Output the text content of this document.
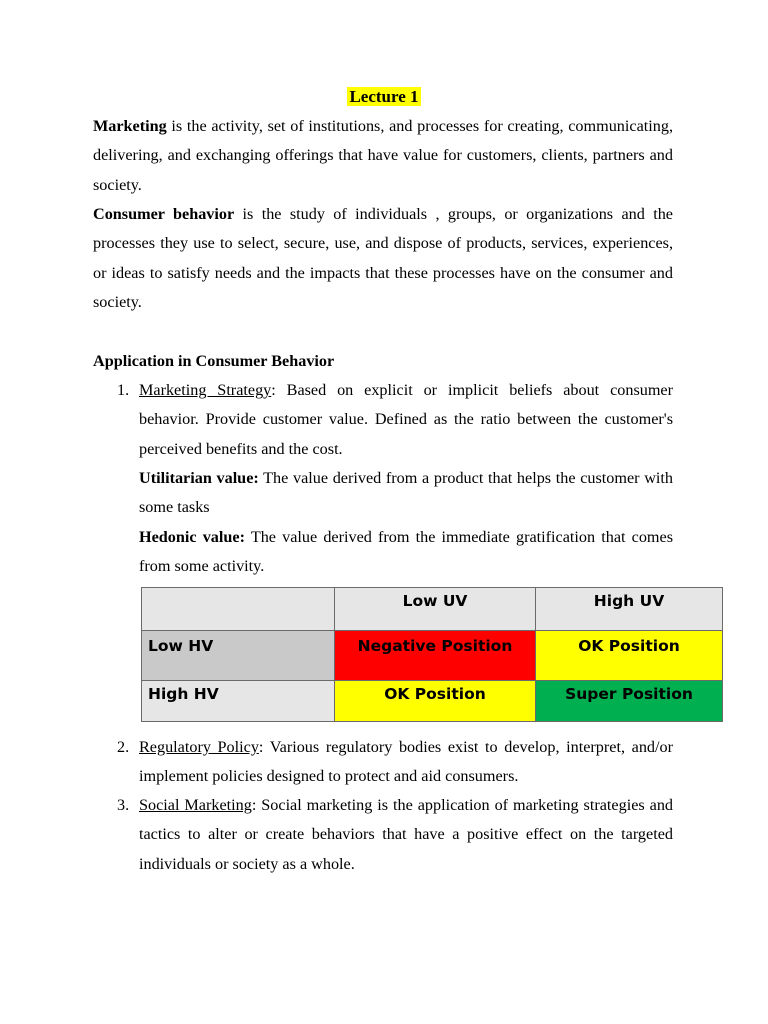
Lecture 1

Marketing is the activity, set of institutions, and processes for creating, communicating, delivering, and exchanging offerings that have value for customers, clients, partners and society.

Consumer behavior is the study of individuals , groups, or organizations and the processes they use to select, secure, use, and dispose of products, services, experiences, or ideas to satisfy needs and the impacts that these processes have on the consumer and society.

Application in Consumer Behavior

1. Marketing Strategy: Based on explicit or implicit beliefs about consumer behavior. Provide customer value. Defined as the ratio between the customer's perceived benefits and the cost.

Utilitarian value: The value derived from a product that helps the customer with some tasks

Hedonic value: The value derived from the immediate gratification that comes from some activity.

	Low UV	High UV

Low HV	Negative Position	OK Position

High HV	OK Position	Super Position
2. Regulatory Policy: Various regulatory bodies exist to develop, interpret, and/or implement policies designed to protect and aid consumers.

3. Social Marketing: Social marketing is the application of marketing strategies and tactics to alter or create behaviors that have a positive effect on the targeted individuals or society as a whole.
